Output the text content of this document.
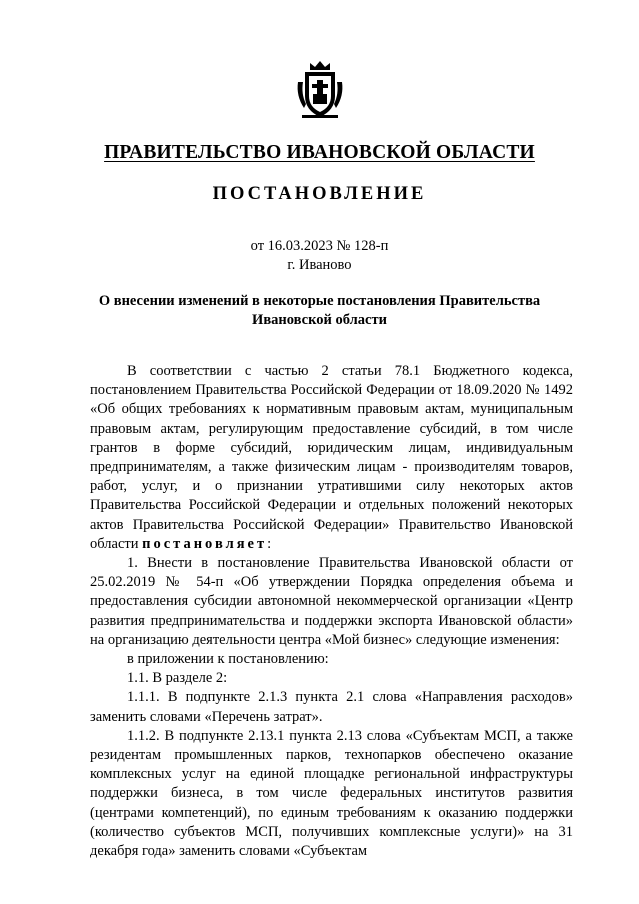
ПРАВИТЕЛЬСТВО ИВАНОВСКОЙ ОБЛАСТИ
ПОСТАНОВЛЕНИЕ
от 16.03.2023 № 128-п
г. Иваново
О внесении изменений в некоторые постановления Правительства Ивановской области

В соответствии с частью 2 статьи 78.1 Бюджетного кодекса, постановлением Правительства Российской Федерации от 18.09.2020 № 1492 «Об общих требованиях к нормативным правовым актам, муниципальным правовым актам, регулирующим предоставление субсидий, в том числе грантов в форме субсидий, юридическим лицам, индивидуальным предпринимателям, а также физическим лицам - производителям товаров, работ, услуг, и о признании утратившими силу некоторых актов Правительства Российской Федерации и отдельных положений некоторых актов Правительства Российской Федерации» Правительство Ивановской области постановляет:

1. Внести в постановление Правительства Ивановской области от 25.02.2019 № 54-п «Об утверждении Порядка определения объема и предоставления субсидии автономной некоммерческой организации «Центр развития предпринимательства и поддержки экспорта Ивановской области» на организацию деятельности центра «Мой бизнес» следующие изменения:

в приложении к постановлению:

1.1. В разделе 2:

1.1.1. В подпункте 2.1.3 пункта 2.1 слова «Направления расходов» заменить словами «Перечень затрат».

1.1.2. В подпункте 2.13.1 пункта 2.13 слова «Субъектам МСП, а также резидентам промышленных парков, технопарков обеспечено оказание комплексных услуг на единой площадке региональной инфраструктуры поддержки бизнеса, в том числе федеральных институтов развития (центрами компетенций), по единым требованиям к оказанию поддержки (количество субъектов МСП, получивших комплексные услуги)» на 31 декабря года» заменить словами «Субъектам
